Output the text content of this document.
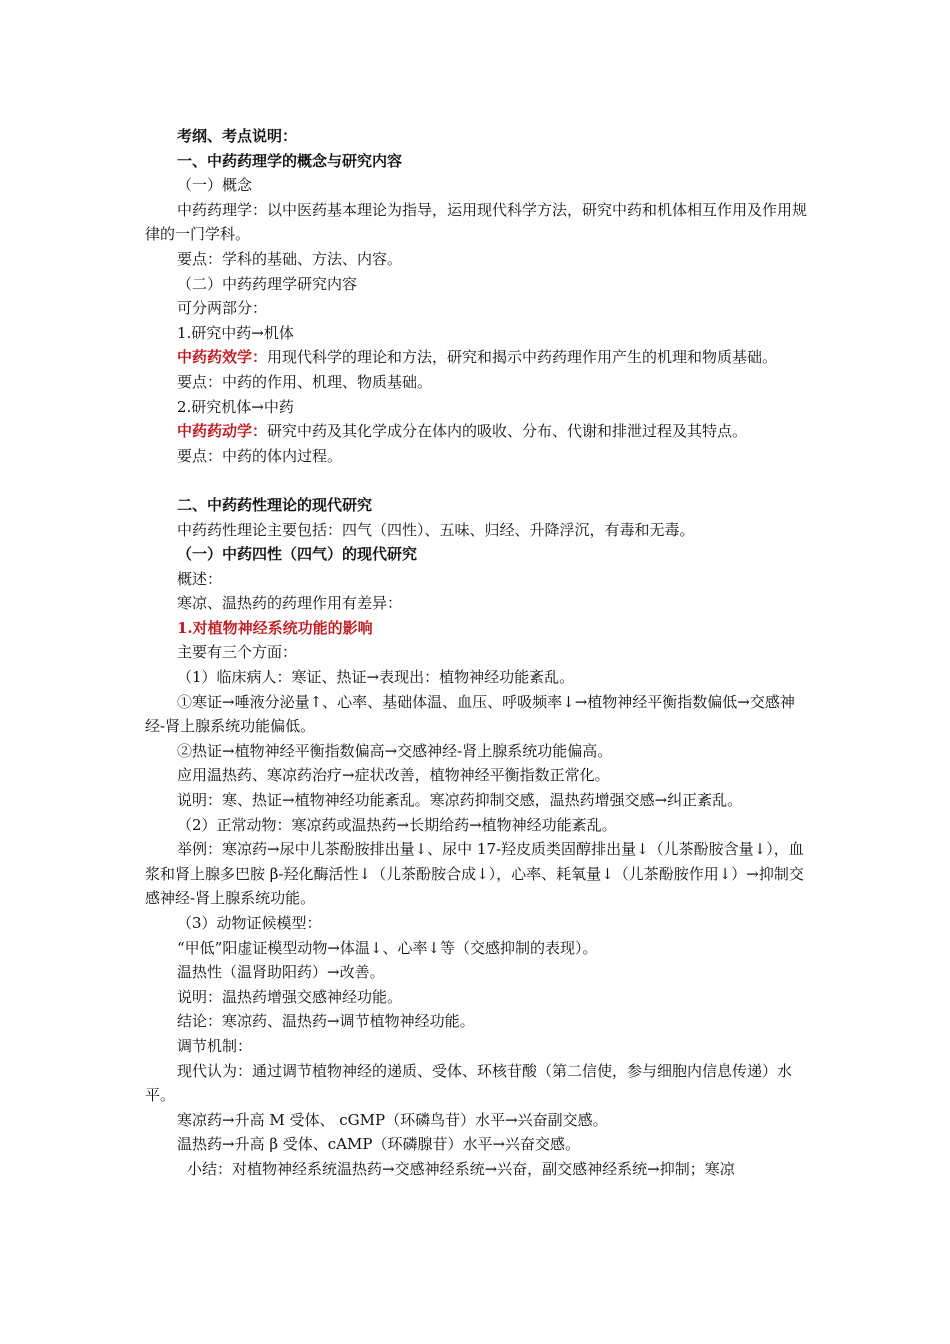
考纲、考点说明：

一、中药药理学的概念与研究内容

（一）概念

中药药理学：以中医药基本理论为指导，运用现代科学方法，研究中药和机体相互作用及作用规律的一门学科。

要点：学科的基础、方法、内容。

（二）中药药理学研究内容

可分两部分：

1.研究中药→机体

中药药效学：用现代科学的理论和方法，研究和揭示中药药理作用产生的机理和物质基础。

要点：中药的作用、机理、物质基础。

2.研究机体→中药

中药药动学：研究中药及其化学成分在体内的吸收、分布、代谢和排泄过程及其特点。

要点：中药的体内过程。

二、中药药性理论的现代研究

中药药性理论主要包括：四气（四性）、五味、归经、升降浮沉，有毒和无毒。

（一）中药四性（四气）的现代研究

概述：

寒凉、温热药的药理作用有差异：

1.对植物神经系统功能的影响

主要有三个方面：

（1）临床病人：寒证、热证→表现出：植物神经功能紊乱。

①寒证→唾液分泌量↑、心率、基础体温、血压、呼吸频率↓→植物神经平衡指数偏低→交感神经-肾上腺系统功能偏低。

②热证→植物神经平衡指数偏高→交感神经-肾上腺系统功能偏高。

应用温热药、寒凉药治疗→症状改善，植物神经平衡指数正常化。

说明：寒、热证→植物神经功能紊乱。寒凉药抑制交感，温热药增强交感→纠正紊乱。

（2）正常动物：寒凉药或温热药→长期给药→植物神经功能紊乱。

举例：寒凉药→尿中儿茶酚胺排出量↓、尿中 17-羟皮质类固醇排出量↓（儿茶酚胺含量↓），血浆和肾上腺多巴胺 β-羟化酶活性↓（儿茶酚胺合成↓），心率、耗氧量↓（儿茶酚胺作用↓）→抑制交感神经-肾上腺系统功能。

（3）动物证候模型：

“甲低”阳虚证模型动物→体温↓、心率↓等（交感抑制的表现）。

温热性（温肾助阳药）→改善。

说明：温热药增强交感神经功能。

结论：寒凉药、温热药→调节植物神经功能。

调节机制：

现代认为：通过调节植物神经的递质、受体、环核苷酸（第二信使，参与细胞内信息传递）水平。

寒凉药→升高 M 受体、 cGMP（环磷鸟苷）水平→兴奋副交感。

温热药→升高 β 受体、cAMP（环磷腺苷）水平→兴奋交感。

小结：对植物神经系统温热药→交感神经系统→兴奋，副交感神经系统→抑制；寒凉
